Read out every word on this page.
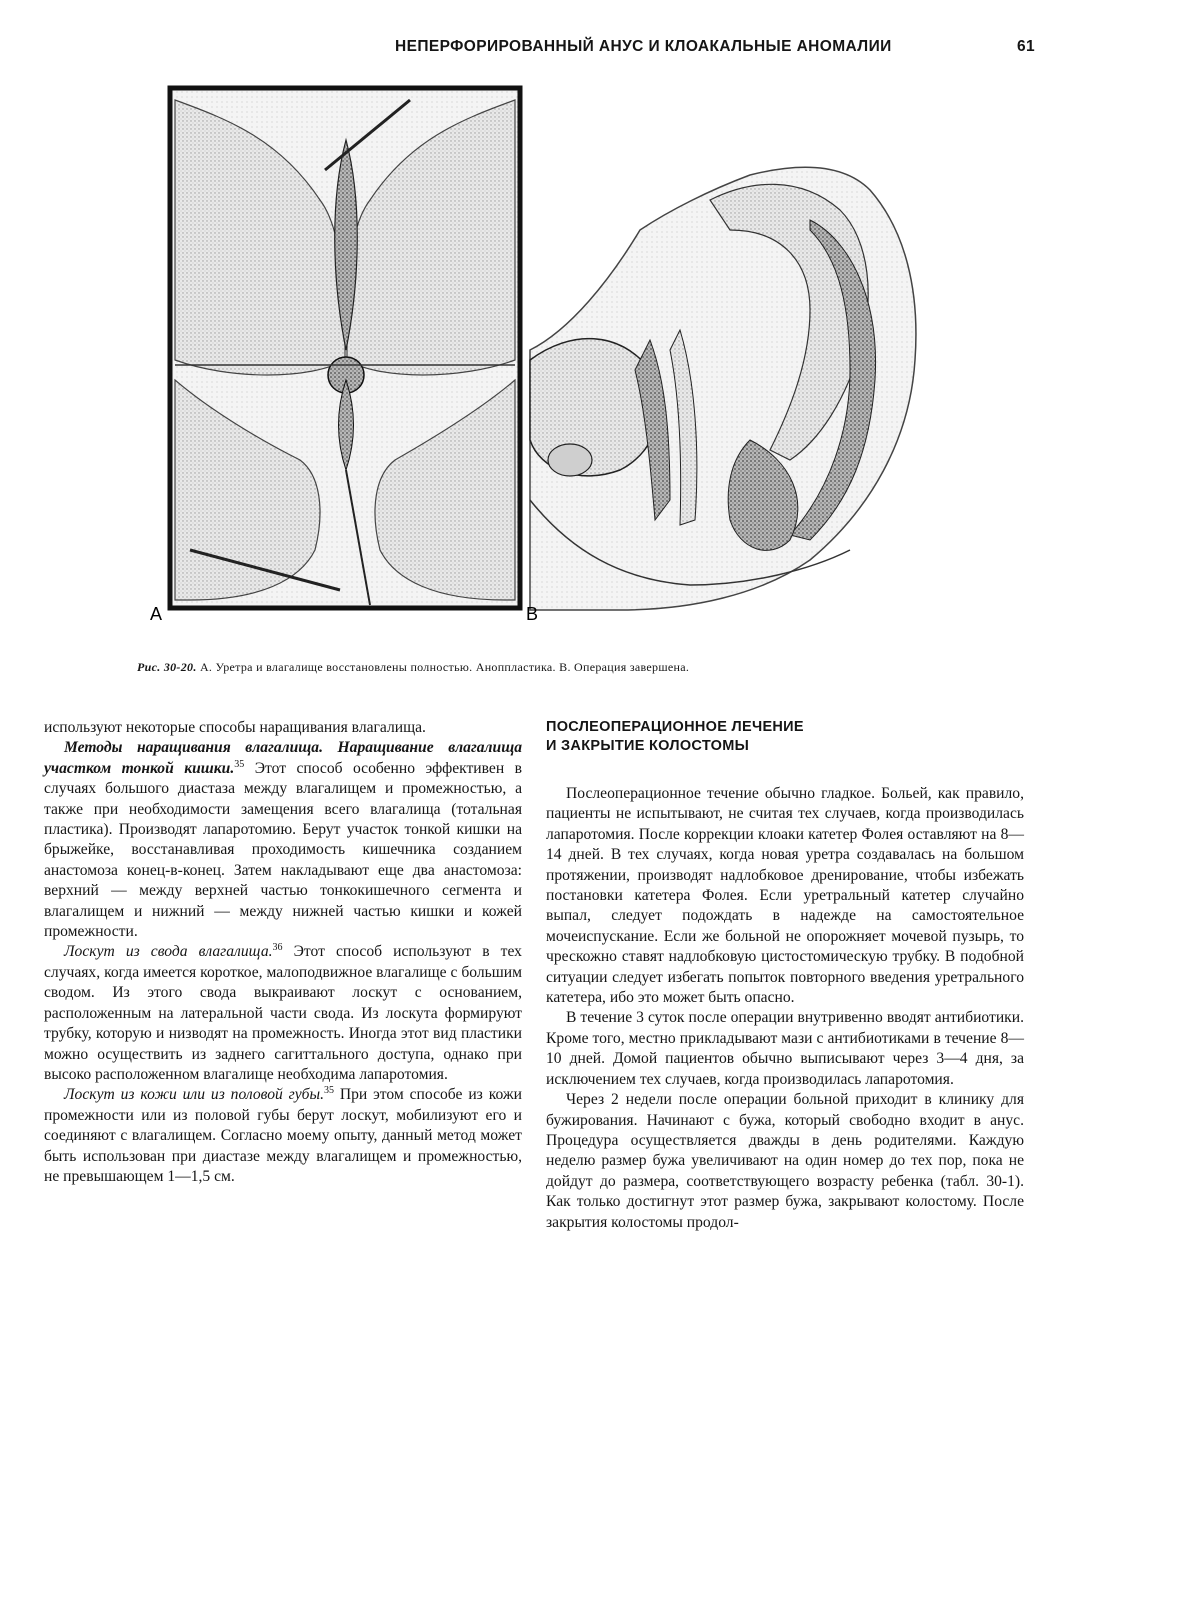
НЕПЕРФОРИРОВАННЫЙ АНУС И КЛОАКАЛЬНЫЕ АНОМАЛИИ	61
A	B
Рис. 30-20. А. Уретра и влагалище восстановлены полностью. Аноппластика. В. Операция завершена.

используют некоторые способы наращивания влагалища.

Методы наращивания влагалища. Наращивание влагалища участком тонкой кишки.$^{35}$ Этот способ особенно эффективен в случаях большого диастаза между влагалищем и промежностью, а также при необходимости замещения всего влагалища (тотальная пластика). Производят лапаротомию. Берут участок тонкой кишки на брыжейке, восстанавливая проходимость кишечника созданием анастомоза конец-в-конец. Затем накладывают еще два анастомоза: верхний — между верхней частью тонкокишечного сегмента и влагалищем и нижний — между нижней частью кишки и кожей промежности.

Лоскут из свода влагалища.$^{36}$ Этот способ используют в тех случаях, когда имеется короткое, малоподвижное влагалище с большим сводом. Из этого свода выкраивают лоскут с основанием, расположенным на латеральной части свода. Из лоскута формируют трубку, которую и низводят на промежность. Иногда этот вид пластики можно осуществить из заднего сагиттального доступа, однако при высоко расположенном влагалище необходима лапаротомия.

Лоскут из кожи или из половой губы.$^{35}$ При этом способе из кожи промежности или из половой губы берут лоскут, мобилизуют его и соединяют с влагалищем. Согласно моему опыту, данный метод может быть использован при диастазе между влагалищем и промежностью, не превышающем 1—1,5 см.

ПОСЛЕОПЕРАЦИОННОЕ ЛЕЧЕНИЕ
И ЗАКРЫТИЕ КОЛОСТОМЫ

Послеоперационное течение обычно гладкое. Больей, как правило, пациенты не испытывают, не считая тех случаев, когда производилась лапаротомия. После коррекции клоаки катетер Фолея оставляют на 8—14 дней. В тех случаях, когда новая уретра создавалась на большом протяжении, производят надлобковое дренирование, чтобы избежать постановки катетера Фолея. Если уретральный катетер случайно выпал, следует подождать в надежде на самостоятельное мочеиспускание. Если же больной не опорожняет мочевой пузырь, то чрескожно ставят надлобковую цистостомическую трубку. В подобной ситуации следует избегать попыток повторного введения уретрального катетера, ибо это может быть опасно.

В течение 3 суток после операции внутривенно вводят антибиотики. Кроме того, местно прикладывают мази с антибиотиками в течение 8—10 дней. Домой пациентов обычно выписывают через 3—4 дня, за исключением тех случаев, когда производилась лапаротомия.

Через 2 недели после операции больной приходит в клинику для бужирования. Начинают с бужа, который свободно входит в анус. Процедура осуществляется дважды в день родителями. Каждую неделю размер бужа увеличивают на один номер до тех пор, пока не дойдут до размера, соответствующего возрасту ребенка (табл. 30-1). Как только достигнут этот размер бужа, закрывают колостому. После закрытия колостомы продол-
